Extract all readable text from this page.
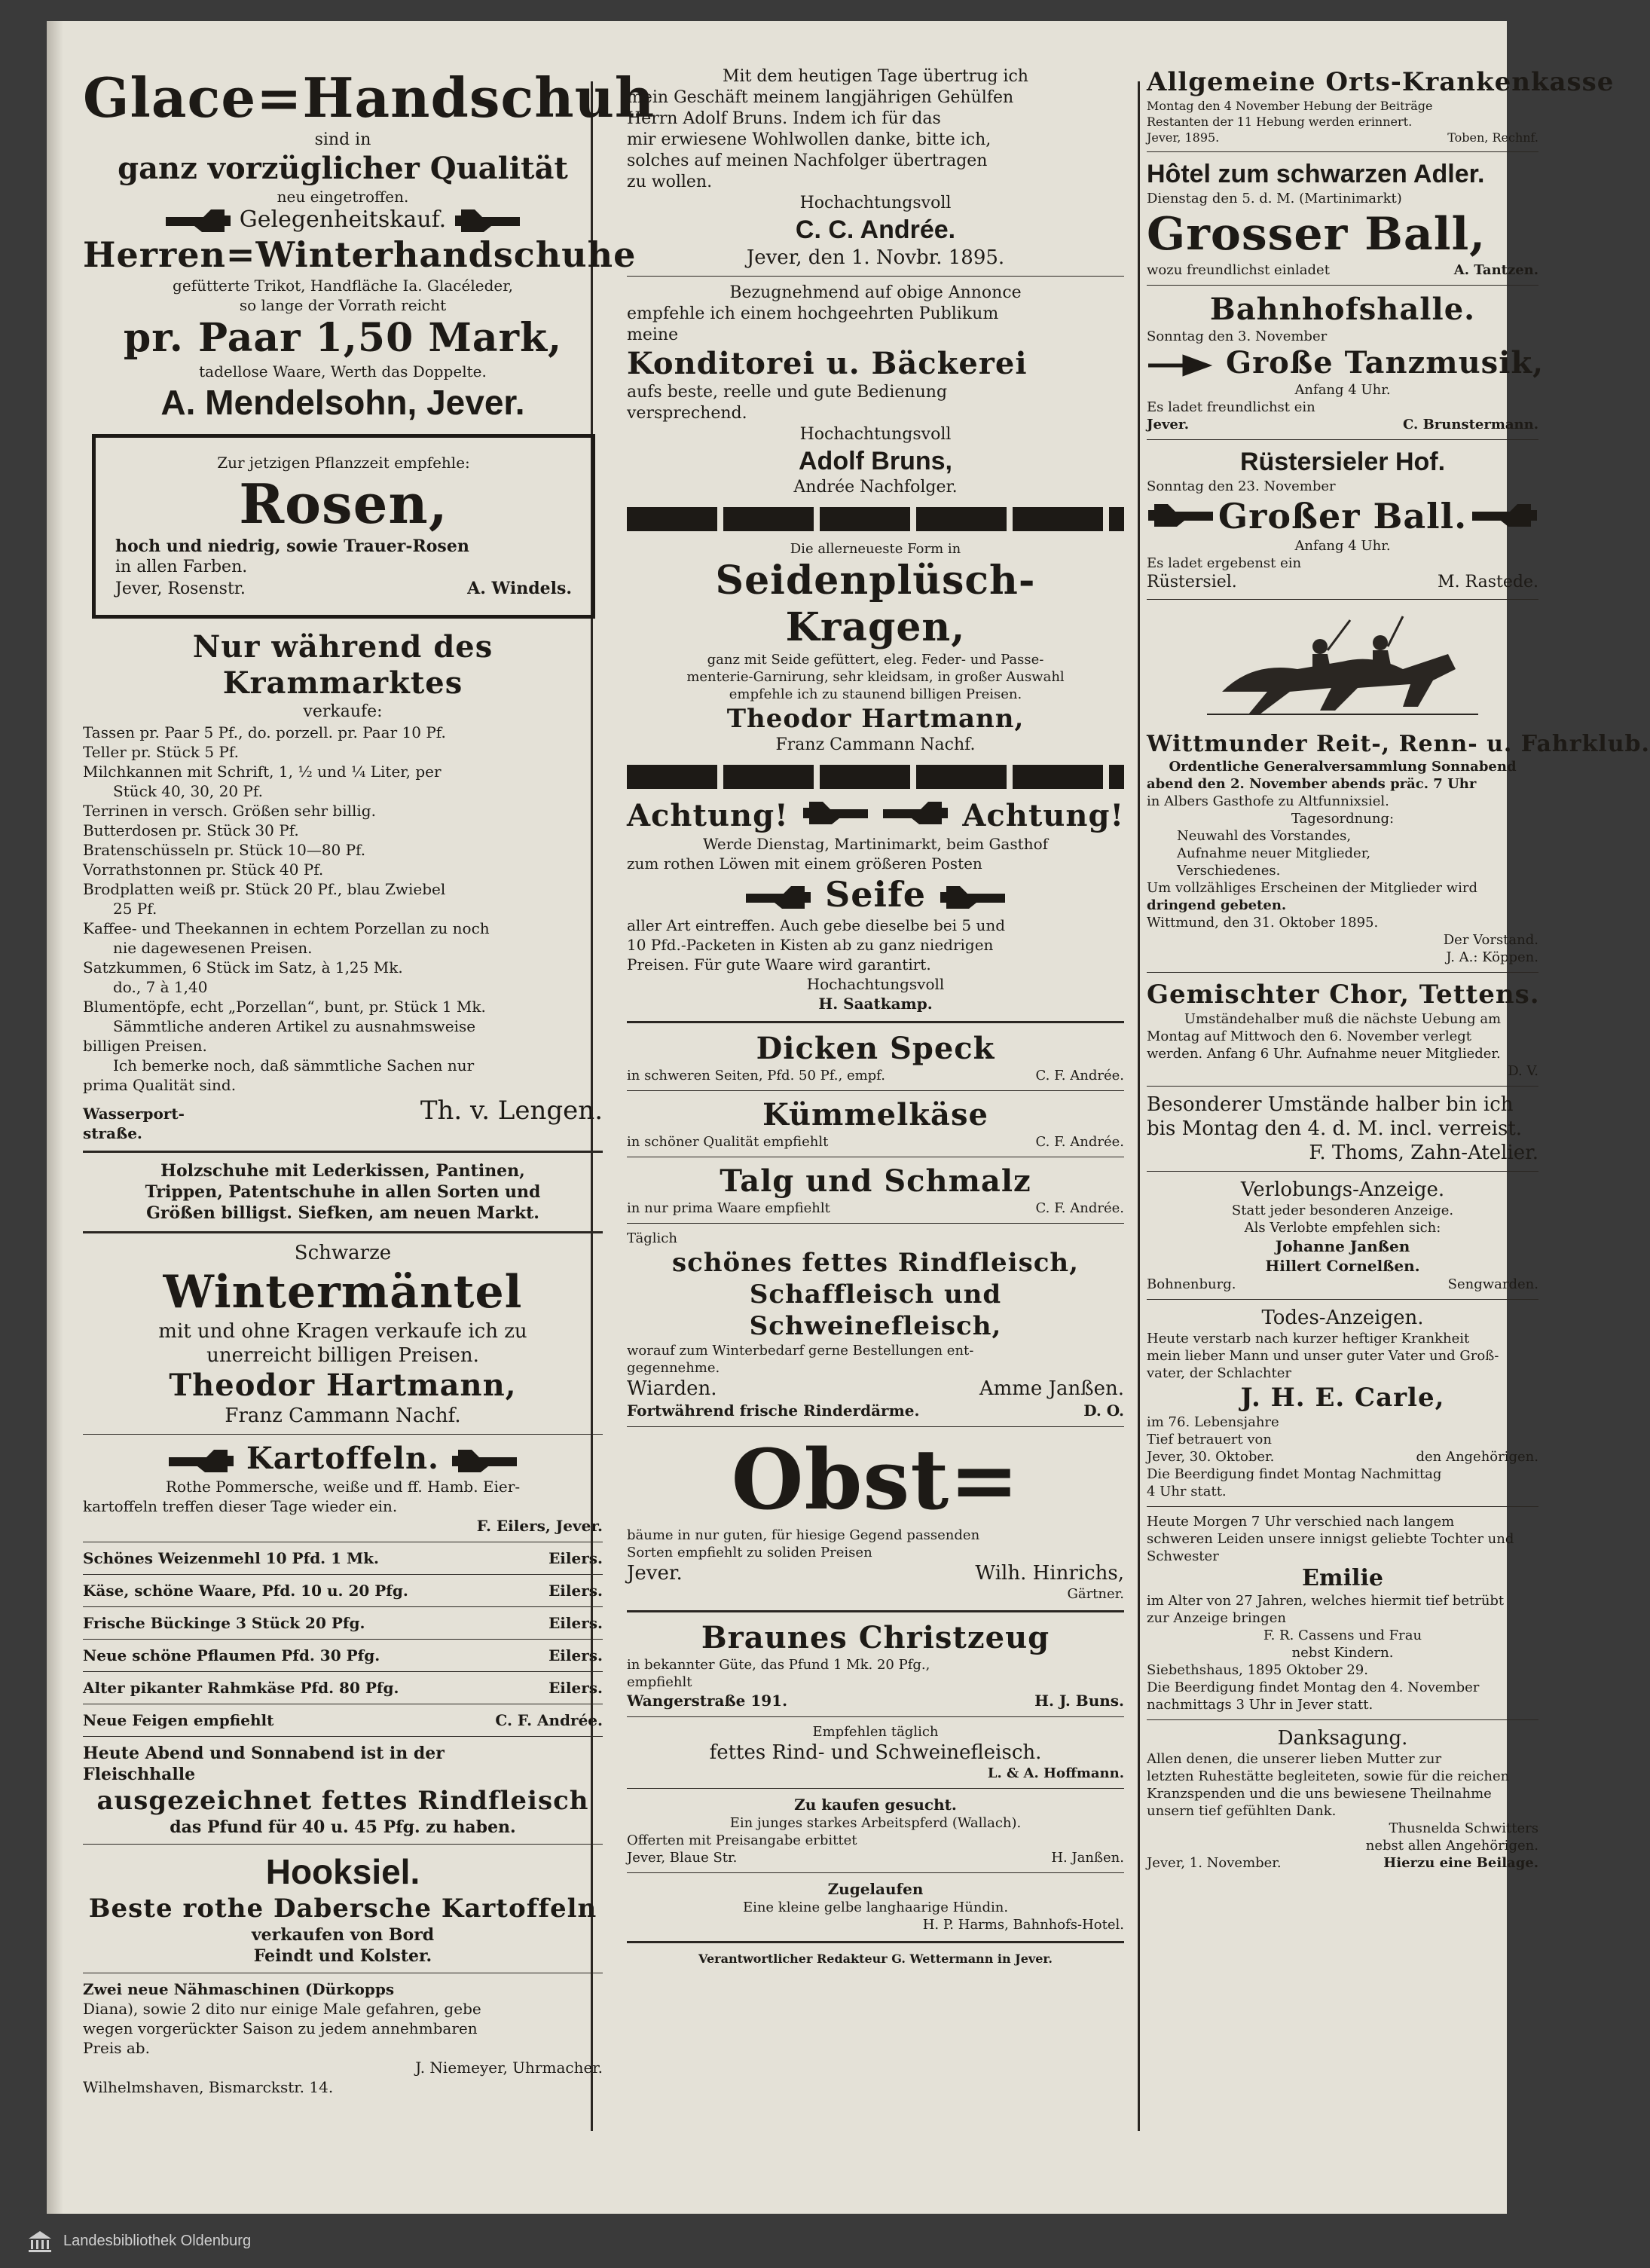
Glace=Handschuh
sind in
ganz vorzüglicher Qualität
neu eingetroffen.
Gelegenheitskauf.
Herren=Winterhandschuhe
gefütterte Trikot, Handfläche Ia. Glacéleder,
so lange der Vorrath reicht
pr. Paar 1,50 Mark,
tadellose Waare, Werth das Doppelte.
A. Mendelsohn, Jever.
Zur jetzigen Pflanzzeit empfehle:
Rosen,
hoch und niedrig, sowie Trauer-Rosen
in allen Farben.
Jever, Rosenstr.	A. Windels.
Nur während des Krammarktes
verkaufe:
Tassen pr. Paar 5 Pf., do. porzell. pr. Paar 10 Pf.
Teller pr. Stück 5 Pf.
Milchkannen mit Schrift, 1, ½ und ¼ Liter, per
Stück 40, 30, 20 Pf.
Terrinen in versch. Größen sehr billig.
Butterdosen pr. Stück 30 Pf.
Bratenschüsseln pr. Stück 10—80 Pf.
Vorrathstonnen pr. Stück 40 Pf.
Brodplatten weiß pr. Stück 20 Pf., blau Zwiebel
25 Pf.
Kaffee- und Theekannen in echtem Porzellan zu noch
nie dagewesenen Preisen.
Satzkummen, 6 Stück im Satz, à 1,25 Mk.
do., 7 à 1,40
Blumentöpfe, echt „Porzellan“, bunt, pr. Stück 1 Mk.
Sämmtliche anderen Artikel zu ausnahmsweise
billigen Preisen.
Ich bemerke noch, daß sämmtliche Sachen nur
prima Qualität sind.
Wasserport-
straße.
Th. v. Lengen.
Holzschuhe mit Lederkissen, Pantinen,
Trippen, Patentschuhe in allen Sorten und
Größen billigst. Siefken, am neuen Markt.
Schwarze
Wintermäntel
mit und ohne Kragen verkaufe ich zu
unerreicht billigen Preisen.
Theodor Hartmann,
Franz Cammann Nachf.
Kartoffeln.
Rothe Pommersche, weiße und ff. Hamb. Eier-
kartoffeln treffen dieser Tage wieder ein.
F. Eilers, Jever.
Schönes Weizenmehl 10 Pfd. 1 Mk.	Eilers.
Käse, schöne Waare, Pfd. 10 u. 20 Pfg.	Eilers.
Frische Bückinge 3 Stück 20 Pfg.	Eilers.
Neue schöne Pflaumen Pfd. 30 Pfg.	Eilers.
Alter pikanter Rahmkäse Pfd. 80 Pfg.	Eilers.
Neue Feigen empfiehlt	C. F. Andrée.
Heute Abend und Sonnabend ist in der
Fleischhalle
ausgezeichnet fettes Rindfleisch
das Pfund für 40 u. 45 Pfg. zu haben.
Hooksiel.
Beste rothe Dabersche Kartoffeln
verkaufen von Bord
Feindt und Kolster.
Zwei neue Nähmaschinen (Dürkopps
Diana), sowie 2 dito nur einige Male gefahren, gebe
wegen vorgerückter Saison zu jedem annehmbaren
Preis ab.
J. Niemeyer, Uhrmacher.
Wilhelmshaven, Bismarckstr. 14.
Mit dem heutigen Tage übertrug ich
mein Geschäft meinem langjährigen Gehülfen
Herrn Adolf Bruns. Indem ich für das
mir erwiesene Wohlwollen danke, bitte ich,
solches auf meinen Nachfolger übertragen
zu wollen.
Hochachtungsvoll
C. C. Andrée.
Jever, den 1. Novbr. 1895.
Bezugnehmend auf obige Annonce
empfehle ich einem hochgeehrten Publikum
meine
Konditorei u. Bäckerei
aufs beste, reelle und gute Bedienung
versprechend.
Hochachtungsvoll
Adolf Bruns,
Andrée Nachfolger.
Die allerneueste Form in
Seidenplüsch-Kragen,
ganz mit Seide gefüttert, eleg. Feder- und Passe-
menterie-Garnirung, sehr kleidsam, in großer Auswahl
empfehle ich zu staunend billigen Preisen.
Theodor Hartmann,
Franz Cammann Nachf.
Achtung!	Achtung!
Werde Dienstag, Martinimarkt, beim Gasthof
zum rothen Löwen mit einem größeren Posten
Seife
aller Art eintreffen. Auch gebe dieselbe bei 5 und
10 Pfd.-Packeten in Kisten ab zu ganz niedrigen
Preisen. Für gute Waare wird garantirt.
Hochachtungsvoll
H. Saatkamp.
Dicken Speck
in schweren Seiten, Pfd. 50 Pf., empf.	C. F. Andrée.
Kümmelkäse
in schöner Qualität empfiehlt	C. F. Andrée.
Talg und Schmalz
in nur prima Waare empfiehlt	C. F. Andrée.
Täglich
schönes fettes Rindfleisch,
Schaffleisch und Schweinefleisch,
worauf zum Winterbedarf gerne Bestellungen ent-
gegennehme.
Wiarden.	Amme Janßen.
Fortwährend frische Rinderdärme.	D. O.
Obst=
bäume in nur guten, für hiesige Gegend passenden
Sorten empfiehlt zu soliden Preisen
Jever.	Wilh. Hinrichs,
Gärtner.
Braunes Christzeug
in bekannter Güte, das Pfund 1 Mk. 20 Pfg.,
empfiehlt
Wangerstraße 191.	H. J. Buns.
Empfehlen täglich
fettes Rind- und Schweinefleisch.
L. & A. Hoffmann.
Zu kaufen gesucht.
Ein junges starkes Arbeitspferd (Wallach).
Offerten mit Preisangabe erbittet
Jever, Blaue Str.	H. Janßen.
Zugelaufen
Eine kleine gelbe langhaarige Hündin.
H. P. Harms, Bahnhofs-Hotel.
Verantwortlicher Redakteur G. Wettermann in Jever.
Allgemeine Orts-Krankenkasse
Montag den 4 November Hebung der Beiträge
Restanten der 11 Hebung werden erinnert.
Jever, 1895.	Toben, Rechnf.
Hôtel zum schwarzen Adler.
Dienstag den 5. d. M. (Martinimarkt)
Grosser Ball,
wozu freundlichst einladet	A. Tantzen.
Bahnhofshalle.
Sonntag den 3. November
Große Tanzmusik,
Anfang 4 Uhr.
Es ladet freundlichst ein
Jever.	C. Brunstermann.
Rüstersieler Hof.
Sonntag den 23. November
Großer Ball.
Anfang 4 Uhr.
Es ladet ergebenst ein
Rüstersiel.	M. Rastede.
Wittmunder Reit-, Renn- u. Fahrklub.
Ordentliche Generalversammlung Sonnabend
abend den 2. November abends präc. 7 Uhr
in Albers Gasthofe zu Altfunnixsiel.
Tagesordnung:
Neuwahl des Vorstandes,
Aufnahme neuer Mitglieder,
Verschiedenes.
Um vollzähliges Erscheinen der Mitglieder wird
dringend gebeten.
Wittmund, den 31. Oktober 1895.
Der Vorstand.
J. A.: Köppen.
Gemischter Chor, Tettens.
Umständehalber muß die nächste Uebung am
Montag auf Mittwoch den 6. November verlegt
werden. Anfang 6 Uhr. Aufnahme neuer Mitglieder.
D. V.
Besonderer Umstände halber bin ich
bis Montag den 4. d. M. incl. verreist.
F. Thoms, Zahn-Atelier.
Verlobungs-Anzeige.
Statt jeder besonderen Anzeige.
Als Verlobte empfehlen sich:
Johanne Janßen
Hillert Cornelßen.
Bohnenburg.	Sengwarden.
Todes-Anzeigen.
Heute verstarb nach kurzer heftiger Krankheit
mein lieber Mann und unser guter Vater und Groß-
vater, der Schlachter
J. H. E. Carle,
im 76. Lebensjahre
Tief betrauert von
Jever, 30. Oktober.	den Angehörigen.
Die Beerdigung findet Montag Nachmittag
4 Uhr statt.
Heute Morgen 7 Uhr verschied nach langem
schweren Leiden unsere innigst geliebte Tochter und
Schwester
Emilie
im Alter von 27 Jahren, welches hiermit tief betrübt
zur Anzeige bringen
F. R. Cassens und Frau
nebst Kindern.
Siebethshaus, 1895 Oktober 29.
Die Beerdigung findet Montag den 4. November
nachmittags 3 Uhr in Jever statt.
Danksagung.
Allen denen, die unserer lieben Mutter zur
letzten Ruhestätte begleiteten, sowie für die reichen
Kranzspenden und die uns bewiesene Theilnahme
unsern tief gefühlten Dank.
Thusnelda Schwitters
nebst allen Angehörigen.
Jever, 1. November.	Hierzu eine Beilage.
Landesbibliothek Oldenburg
